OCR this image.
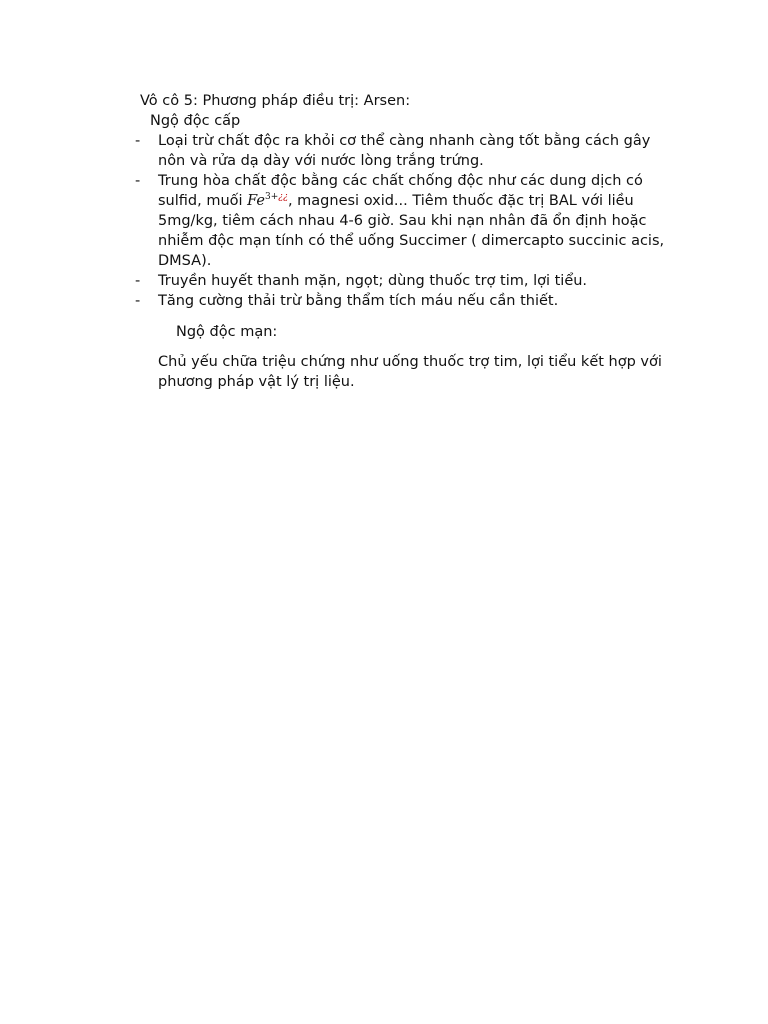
Vô cô 5: Phương pháp điều trị: Arsen:
Ngộ độc cấp
- Loại trừ chất độc ra khỏi cơ thể càng nhanh càng tốt bằng cách gây nôn và rửa dạ dày với nước lòng trắng trứng.
- Trung hòa chất độc bằng các chất chống độc như các dung dịch có sulfid, muối $Fe^{3+¿¿}$, magnesi oxid... Tiêm thuốc đặc trị BAL với liều 5mg/kg, tiêm cách nhau 4-6 giờ. Sau khi nạn nhân đã ổn định hoặc nhiễm độc mạn tính có thể uống Succimer ( dimercapto succinic acis, DMSA).
- Truyền huyết thanh mặn, ngọt; dùng thuốc trợ tim, lợi tiểu.
- Tăng cường thải trừ bằng thẩm tích máu nếu cần thiết.
Ngộ độc mạn:
Chủ yếu chữa triệu chứng như uống thuốc trợ tim, lợi tiểu kết hợp với phương pháp vật lý trị liệu.
